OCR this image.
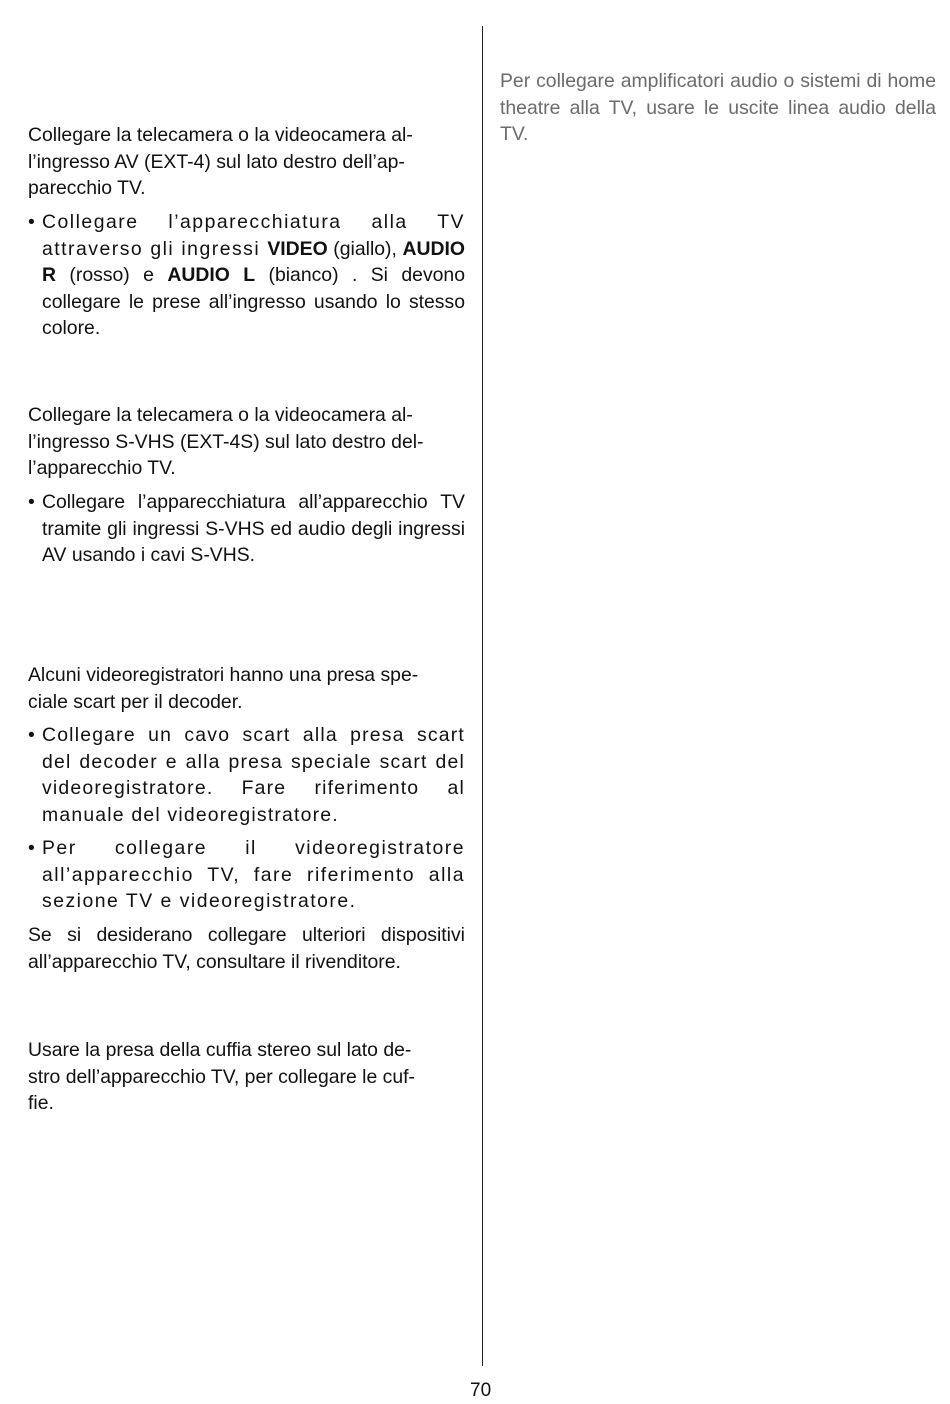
Collegare la telecamera o la videocamera al-
l’ingresso AV (EXT-4) sul lato destro dell’ap-
parecchio TV.

• Collegare l’apparecchiatura alla TV attraverso gli ingressi VIDEO (giallo), AUDIO R (rosso) e AUDIO L (bianco) . Si devono collegare le prese all’ingresso usando lo stesso colore.

Collegare la telecamera o la videocamera al-
l’ingresso S-VHS (EXT-4S) sul lato destro del-
l’apparecchio TV.

• Collegare l’apparecchiatura all’apparecchio TV tramite gli ingressi S-VHS ed audio degli ingressi AV usando i cavi S-VHS.

Alcuni videoregistratori hanno una presa spe-
ciale scart per il decoder.

• Collegare un cavo scart alla presa scart del decoder e alla presa speciale scart del videoregistratore. Fare riferimento al manuale del videoregistratore.
• Per collegare il videoregistratore all’apparecchio TV, fare riferimento alla sezione TV e videoregistratore.

Se si desiderano collegare ulteriori dispositivi all’apparecchio TV, consultare il rivenditore.

Usare la presa della cuffia stereo sul lato de-
stro dell’apparecchio TV, per collegare le cuf-
fie.

Per collegare amplificatori audio o sistemi di home theatre alla TV, usare le uscite linea audio della TV.

70
